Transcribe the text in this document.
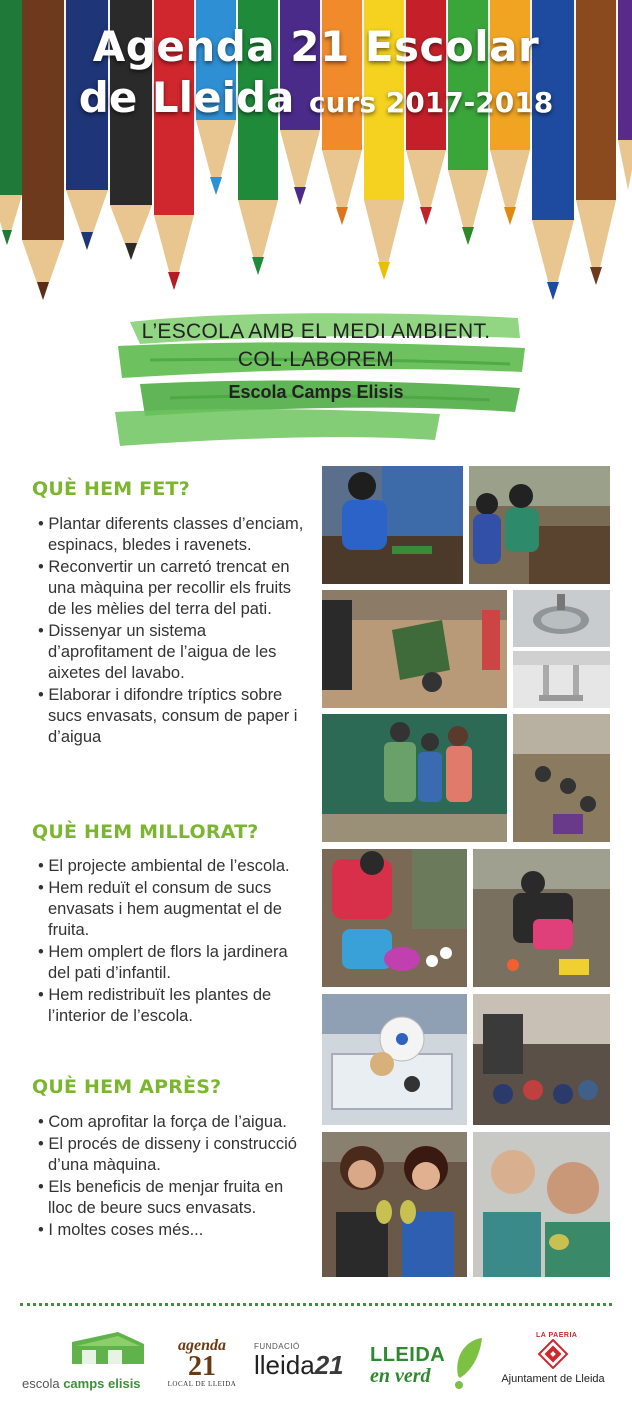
Agenda 21 Escolar
de Lleida curs 2017-2018
L’ESCOLA AMB EL MEDI AMBIENT.
COL·LABOREM
Escola Camps Elisis
QUÈ HEM FET?
• Plantar diferents classes d’enciam, espinacs, bledes i ravenets.
• Reconvertir un carretó trencat en una màquina per recollir els fruits de les mèlies del terra del pati.
• Dissenyar un sistema d’aprofitament de l’aigua de les aixetes del lavabo.
• Elaborar i difondre tríptics sobre sucs envasats, consum de paper i d’aigua
QUÈ HEM MILLORAT?
• El projecte ambiental de l’escola.
• Hem reduït el consum de sucs envasats i hem augmentat el de fruita.
• Hem omplert de flors la jardinera del pati d’infantil.
• Hem redistribuït les plantes de l’interior de l’escola.
QUÈ HEM APRÈS?
• Com aprofitar la força de l’aigua.
• El procés de disseny i construcció d’una màquina.
• Els beneficis de menjar fruita en lloc de beure sucs envasats.
• I moltes coses més...
escola camps elisis
agenda
21
LOCAL DE LLEIDA
FUNDACIÓ
lleida21	LLEIDA
en verd
LA PAERIA
Ajuntament de Lleida
